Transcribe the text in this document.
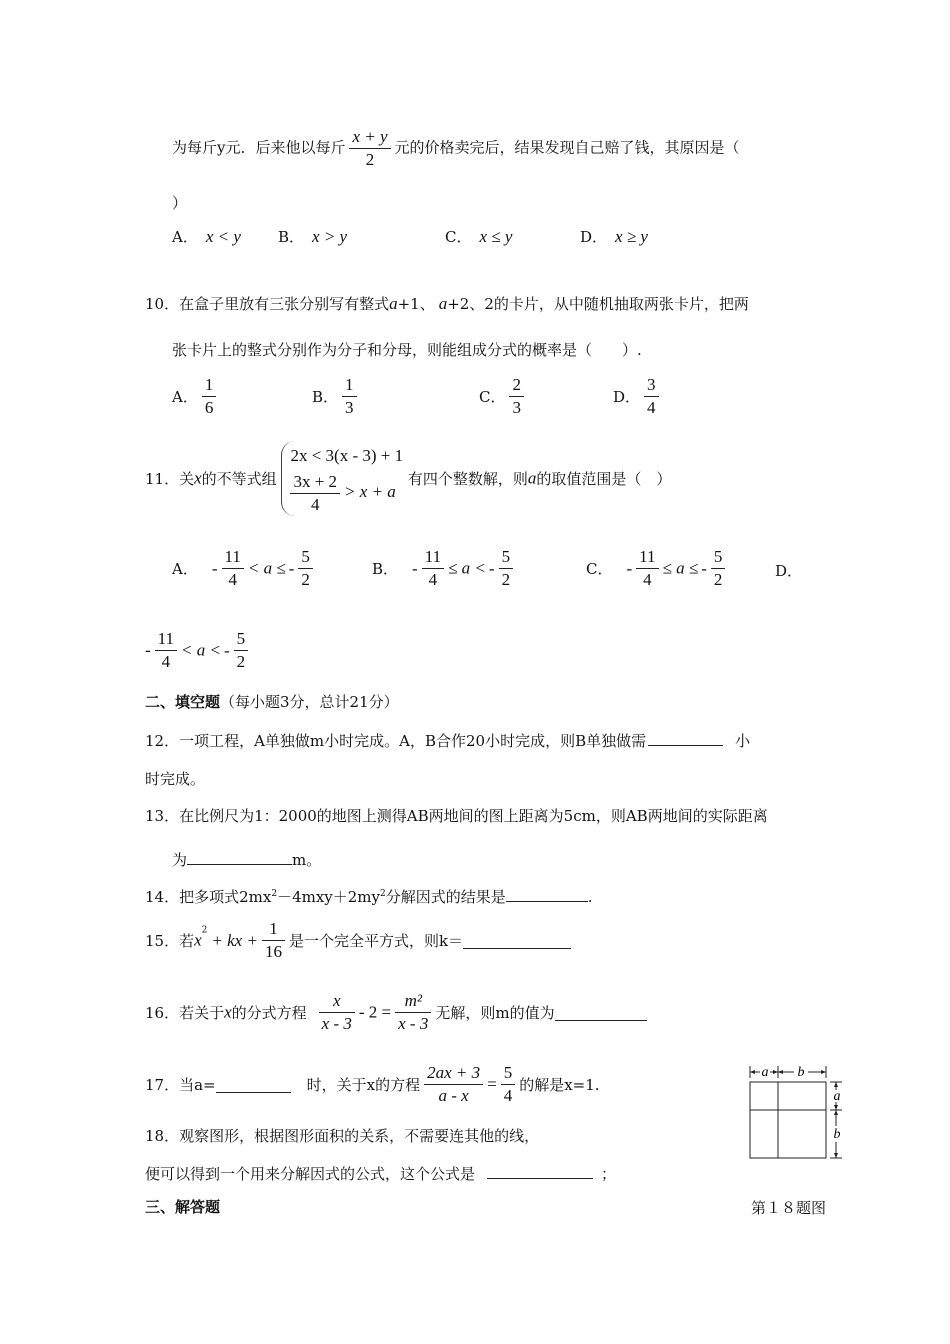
为每斤y元．后来他以每斤 $\frac{x + y}{2}$ 元的价格卖完后，结果发现自己赔了钱，其原因是（
）
A． x < y B． x > y	C． x ≤ y	D． x ≥ y
10．在盒子里放有三张分别写有整式a+1、 a+2、2的卡片，从中随机抽取两张卡片，把两
张卡片上的整式分别作为分子和分母，则能组成分式的概率是（　　）.
A． $\frac{1}{6}$	B． $\frac{1}{3}$	C． $\frac{2}{3}$	D． $\frac{3}{4}$
11．关x的不等式组
2x < 3(x - 3) + 1
$\frac{3x + 2}{4} > x + a$
有四个整数解，则a的取值范围是（　）
A． - $\frac{11}{4} < a$ ≤ - $\frac{5}{2}$	B． - $\frac{11}{4} \le a$ < - $\frac{5}{2}$	C． - $\frac{11}{4} \le a$ ≤ - $\frac{5}{2}$	D．
- $\frac{11}{4} < a$ < - $\frac{5}{2}$
二、填空题（每小题3分，总计21分）
12．一项工程，A单独做m小时完成。A，B合作20小时完成，则B单独做需	小
时完成。
13．在比例尺为1：2000的地图上测得AB两地间的图上距离为5cm，则AB两地间的实际距离
为	m。
14．把多项式$2mx^2-4mxy+2my^2$分解因式的结果是	.
15．若$x^2$ + kx + $\frac{1}{16}$ 是一个完全平方式，则k＝
16．若关于x的分式方程 $\frac{x}{x - 3} - 2 = \frac{\text{m²}}{x - 3}$ 无解，则m的值为
17．当a=	时，关于x的方程 $\frac{2ax + 3}{a - x} = \frac{5}{4}$ 的解是x=1.
18．观察图形，根据图形面积的关系，不需要连其他的线，
便可以得到一个用来分解因式的公式，这个公式是	；
a b
a
b
第１８题图
三、解答题
